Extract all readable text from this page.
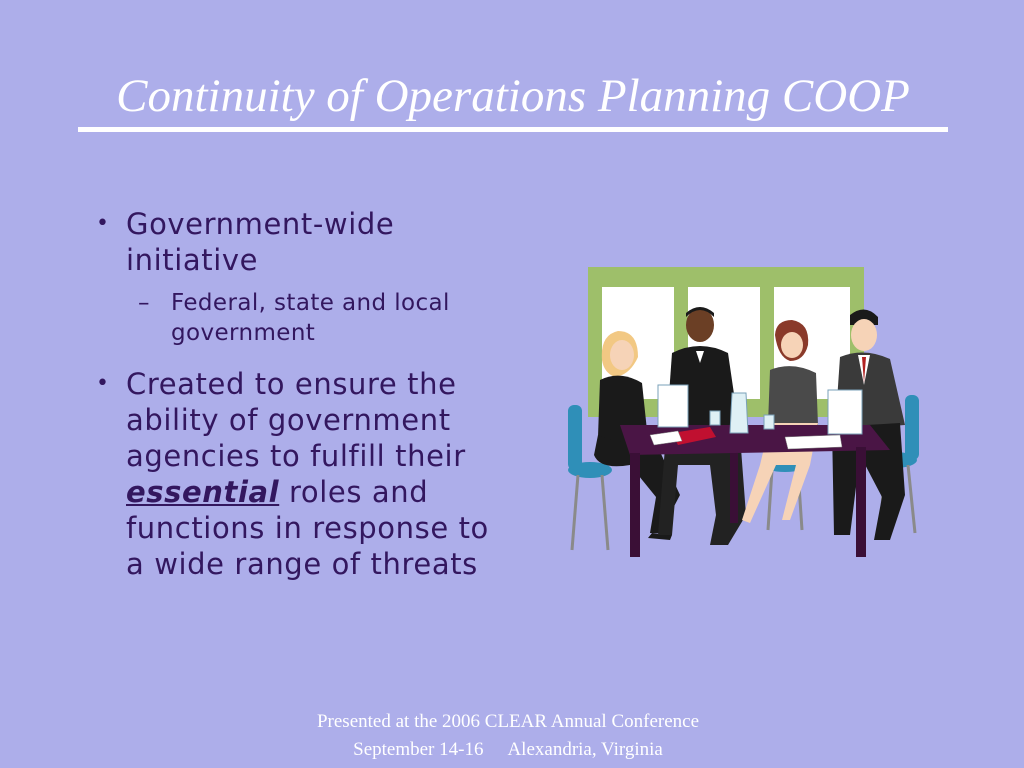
Continuity of Operations Planning COOP
• Government-wide initiative
– Federal, state and local government
• Created to ensure the ability of government agencies to fulfill their essential roles and functions in response to a wide range of threats
Presented at the 2006 CLEAR Annual Conference
September 14-16 Alexandria, Virginia
